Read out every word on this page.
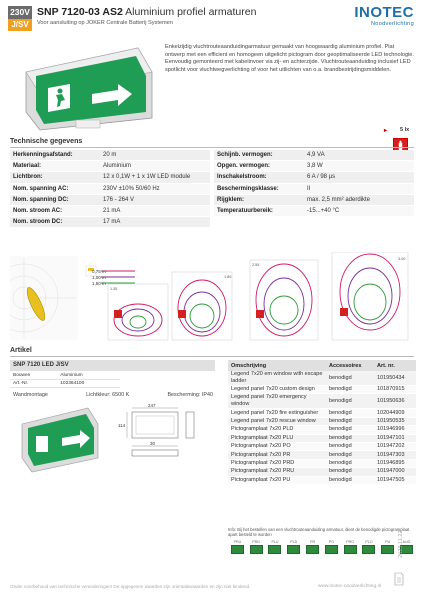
230V
J/SV
SNP 7120-03 AS2 Aluminium profiel armaturen
Voor aansluiting op JOKER Centrale Batterij Systemen
INOTEC
Noodverlichting
Enkelzijdig vluchtrouteaanduidingarmatuur gemaakt van hoogwaardig aluminium profiel. Plat ontwerp met een efficient en homogeen uitgelicht pictogram door geoptimaliseerde LED technologie. Eenvoudig gemonteerd met kabelinvoer via zij- en achterzijde. Vluchtrouteaanduiding inclusief LED spotlicht voor vluchtwegverlichting of voor het uitlichten van o.a. brandbestrijdingsmiddelen.
▸ 5 lx
Technische gegevens
Herkenningsafstand:	20 m
Materiaal:	Aluminium
Lichtbron:	12 x 0,1W + 1 x 1W LED module
Nom. spanning AC:	230V ±10% 50/60 Hz
Nom. spanning DC:	176 - 264 V
Nom. stroom AC:	21 mA
Nom. stroom DC:	17 mA
Schijnb. vermogen:	4,9 VA
Opgen. vermogen:	3,8 W
Inschakelstroom:	6 A / 98 µs
Beschermingsklasse:	II
Rijgklem:	max. 2,5 mm² aderdikte
Temperatuurbereik:	-15...+40 °C
0,75 m
1,00 m
1,50 m
1.35
1.80
2.55
3.00
Artikel
SNP 7120 LED J/SV
Bouwen	Aluminium
Art.-Nr.	102364100
Wandmontage	Lichtkleur: 6500 K	Bescherming: IP40
247
114
30
Omschrijving	Accessoires	Art. nr.
Legend 7x20 em window with escape ladder	benodigd	101950434
Legend panel 7x20 custom design	benodigd	101870915
Legend panel 7x20 emergency window	benodigd	101950636
Legend panel 7x20 fire extinguisher	benodigd	102044909
Legend panel 7x20 rescue window	benodigd	101950535
Pictogramplaat 7x20 PLD	benodigd	101946996
Pictogramplaat 7x20 PLU	benodigd	101947101
Pictogramplaat 7x20 PO	benodigd	101947202
Pictogramplaat 7x20 PR	benodigd	101947303
Pictogramplaat 7x20 PRD	benodigd	101946895
Pictogramplaat 7x20 PRU	benodigd	101947000
Pictogramplaat 7x20 PU	benodigd	101947505
Info: Bij het bestellen van een vluchtrouteaanduiding armatuur, dient de benodigde pictogramplaat apart besteld te worden
PRU	PRD	PLU	PLD	PR	PO	PRO	PLO	PU	AUG
Onder voorbehoud van technische veranderingen! De opgegeven waarden zijn orientatiewaarden en zijn niet bindend.	www.inotec-noodverlichting.nl
2023.11.22
